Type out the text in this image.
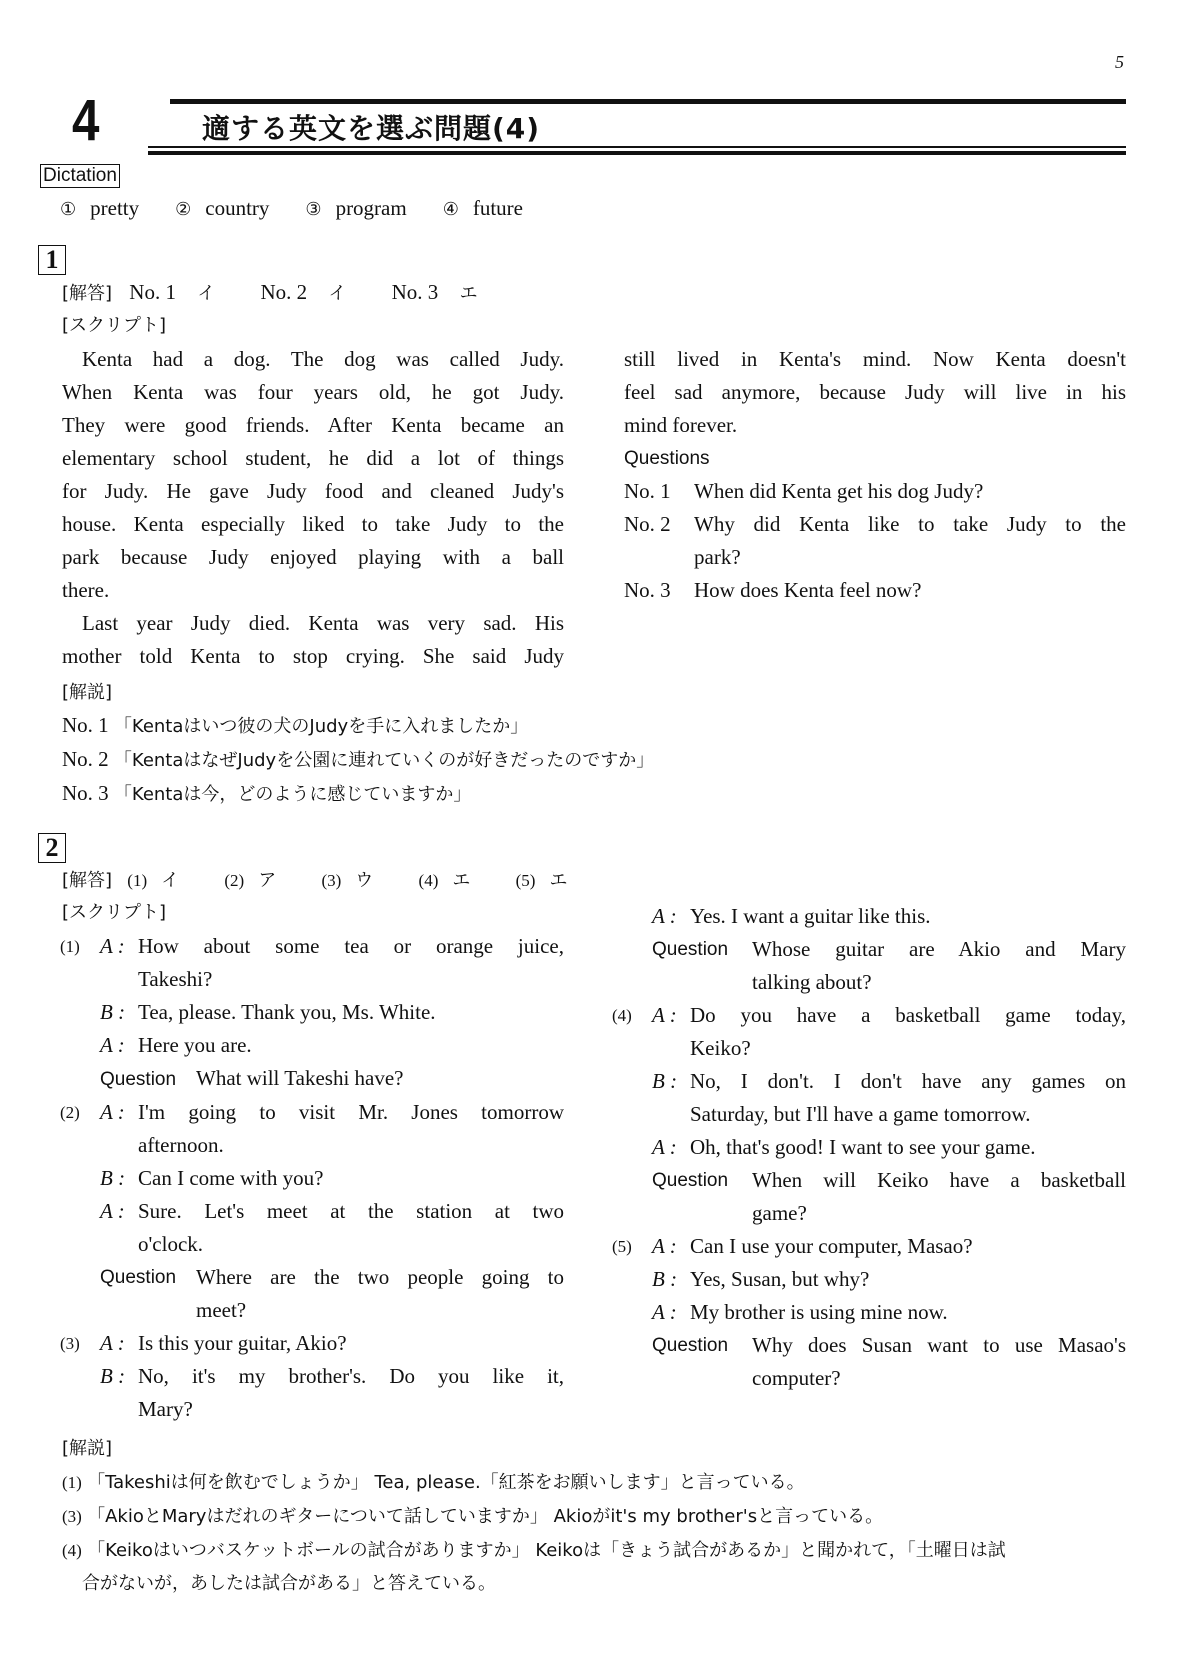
5
4	適する英文を選ぶ問題(4)
Dictation
① pretty ② country ③ program ④ future
1
[解答] No. 1 イ No. 2 イ No. 3 エ
[スクリプト]
Kenta had a dog. The dog was called Judy.
When Kenta was four years old, he got Judy.
They were good friends. After Kenta became an
elementary school student, he did a lot of things
for Judy. He gave Judy food and cleaned Judy's
house. Kenta especially liked to take Judy to the
park because Judy enjoyed playing with a ball
there.
Last year Judy died. Kenta was very sad. His
mother told Kenta to stop crying. She said Judy
still lived in Kenta's mind. Now Kenta doesn't
feel sad anymore, because Judy will live in his
mind forever.
Questions
No. 1 When did Kenta get his dog Judy?
No. 2	Why did Kenta like to take Judy to the
park?
No. 3 How does Kenta feel now?
[解説]
No. 1 「Kentaはいつ彼の犬のJudyを手に入れましたか」
No. 2 「KentaはなぜJudyを公園に連れていくのが好きだったのですか」
No. 3 「Kentaは今，どのように感じていますか」
2
[解答] (1) イ	(2) ア	(3) ウ	(4) エ	(5) エ
[スクリプト]
(1) A : How about some tea or orange juice,
Takeshi?
B : Tea, please. Thank you, Ms. White.
A : Here you are.
Question What will Takeshi have?
(2) A : I'm going to visit Mr. Jones tomorrow
afternoon.
B : Can I come with you?
A : Sure. Let's meet at the station at two
o'clock.
Question Where are the two people going to
meet?
(3) A : Is this your guitar, Akio?
B : No, it's my brother's. Do you like it,
Mary?
A : Yes. I want a guitar like this.
Question	Whose guitar are Akio and Mary
talking about?
(4) A : Do you have a basketball game today,
Keiko?
B : No, I don't. I don't have any games on
Saturday, but I'll have a game tomorrow.
A : Oh, that's good! I want to see your game.
Question	When will Keiko have a basketball
game?
(5) A : Can I use your computer, Masao?
B : Yes, Susan, but why?
A : My brother is using mine now.
Question	Why does Susan want to use Masao's
computer?
[解説]
(1) 「Takeshiは何を飲むでしょうか」 Tea, please.「紅茶をお願いします」と言っている。
(3) 「AkioとMaryはだれのギターについて話していますか」 Akioがit's my brother'sと言っている。
(4) 「Keikoはいつバスケットボールの試合がありますか」 Keikoは「きょう試合があるか」と聞かれて，「土曜日は試
合がないが，あしたは試合がある」と答えている。
